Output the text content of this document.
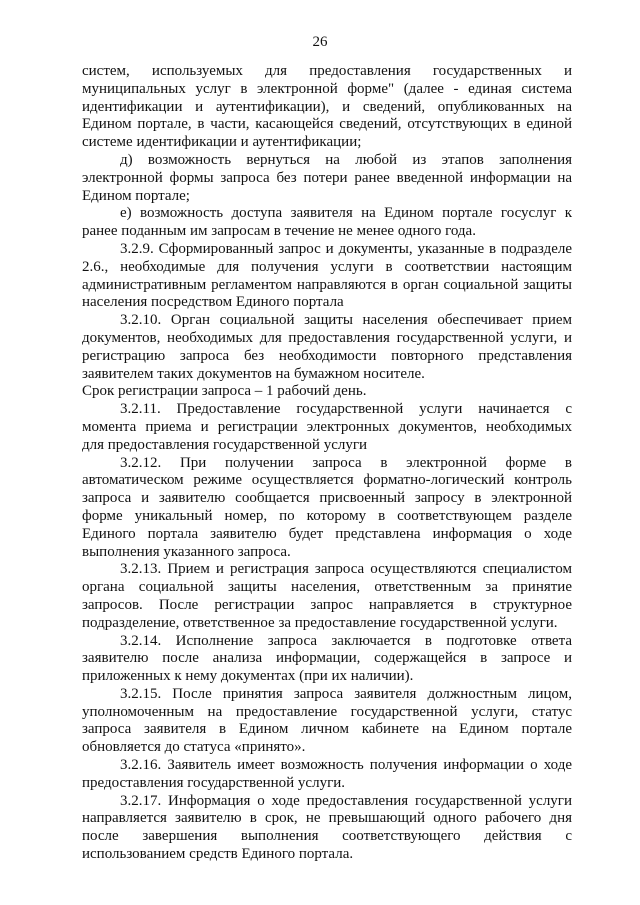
26
систем, используемых для предоставления государственных и
муниципальных услуг в электронной форме" (далее - единая система
идентификации и аутентификации), и сведений, опубликованных на
Едином портале, в части, касающейся сведений, отсутствующих в единой
системе идентификации и аутентификации;
д) возможность вернуться на любой из этапов заполнения
электронной формы запроса без потери ранее введенной информации на
Едином портале;
е) возможность доступа заявителя на Едином портале госуслуг к
ранее поданным им запросам в течение не менее одного года.
3.2.9. Сформированный запрос и документы, указанные в подразделе
2.6., необходимые для получения услуги в соответствии настоящим
административным регламентом направляются в орган социальной защиты
населения посредством Единого портала
3.2.10. Орган социальной защиты населения обеспечивает прием
документов, необходимых для предоставления государственной услуги, и
регистрацию запроса без необходимости повторного представления
заявителем таких документов на бумажном носителе.
Срок регистрации запроса – 1 рабочий день.
3.2.11. Предоставление государственной услуги начинается с
момента приема и регистрации электронных документов, необходимых
для предоставления государственной услуги
3.2.12. При получении запроса в электронной форме в
автоматическом режиме осуществляется форматно-логический контроль
запроса и заявителю сообщается присвоенный запросу в электронной
форме уникальный номер, по которому в соответствующем разделе
Единого портала заявителю будет представлена информация о ходе
выполнения указанного запроса.
3.2.13. Прием и регистрация запроса осуществляются специалистом
органа социальной защиты населения, ответственным за принятие
запросов. После регистрации запрос направляется в структурное
подразделение, ответственное за предоставление государственной услуги.
3.2.14. Исполнение запроса заключается в подготовке ответа
заявителю после анализа информации, содержащейся в запросе и
приложенных к нему документах (при их наличии).
3.2.15. После принятия запроса заявителя должностным лицом,
уполномоченным на предоставление государственной услуги, статус
запроса заявителя в Едином личном кабинете на Едином портале
обновляется до статуса «принято».
3.2.16. Заявитель имеет возможность получения информации о ходе
предоставления государственной услуги.
3.2.17. Информация о ходе предоставления государственной услуги
направляется заявителю в срок, не превышающий одного рабочего дня
после завершения выполнения соответствующего действия с
использованием средств Единого портала.
